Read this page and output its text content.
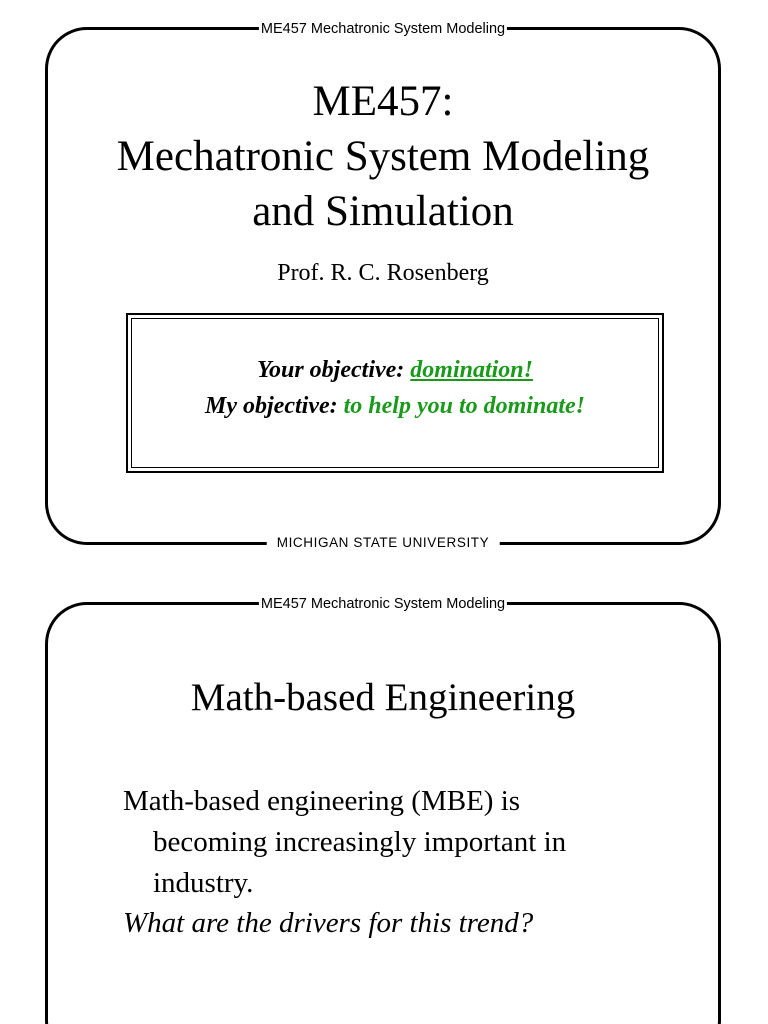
ME457 Mechatronic System Modeling
ME457:
Mechatronic System Modeling
and Simulation
Prof. R. C. Rosenberg
Your objective: domination!
My objective: to help you to dominate!
MICHIGAN STATE UNIVERSITY
ME457 Mechatronic System Modeling
Math-based Engineering
Math-based engineering (MBE) is
becoming increasingly important in
industry.
What are the drivers for this trend?
